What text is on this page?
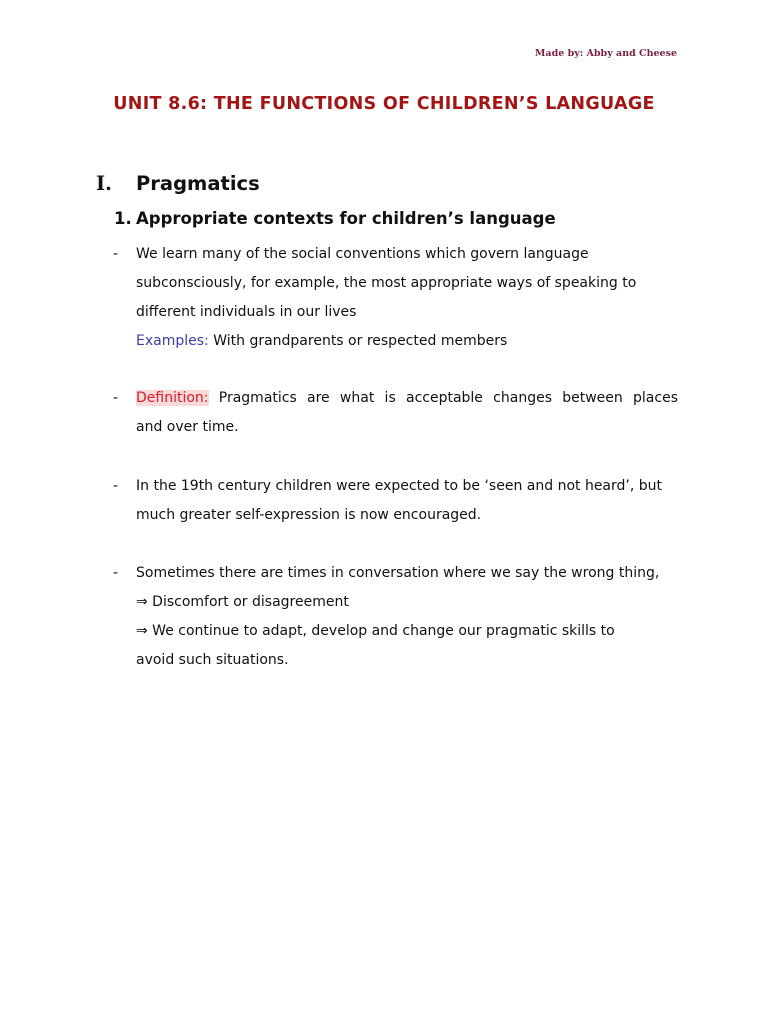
Made by: Abby and Cheese
UNIT 8.6: THE FUNCTIONS OF CHILDREN’S LANGUAGE
I. Pragmatics
1. Appropriate contexts for children’s language
- We learn many of the social conventions which govern language
subconsciously, for example, the most appropriate ways of speaking to
different individuals in our lives
Examples: With grandparents or respected members
- Definition: Pragmatics are what is acceptable changes between places
and over time.
- In the 19th century children were expected to be ‘seen and not heard’, but
much greater self-expression is now encouraged.
- Sometimes there are times in conversation where we say the wrong thing,
⇒ Discomfort or disagreement
⇒ We continue to adapt, develop and change our pragmatic skills to
avoid such situations.
